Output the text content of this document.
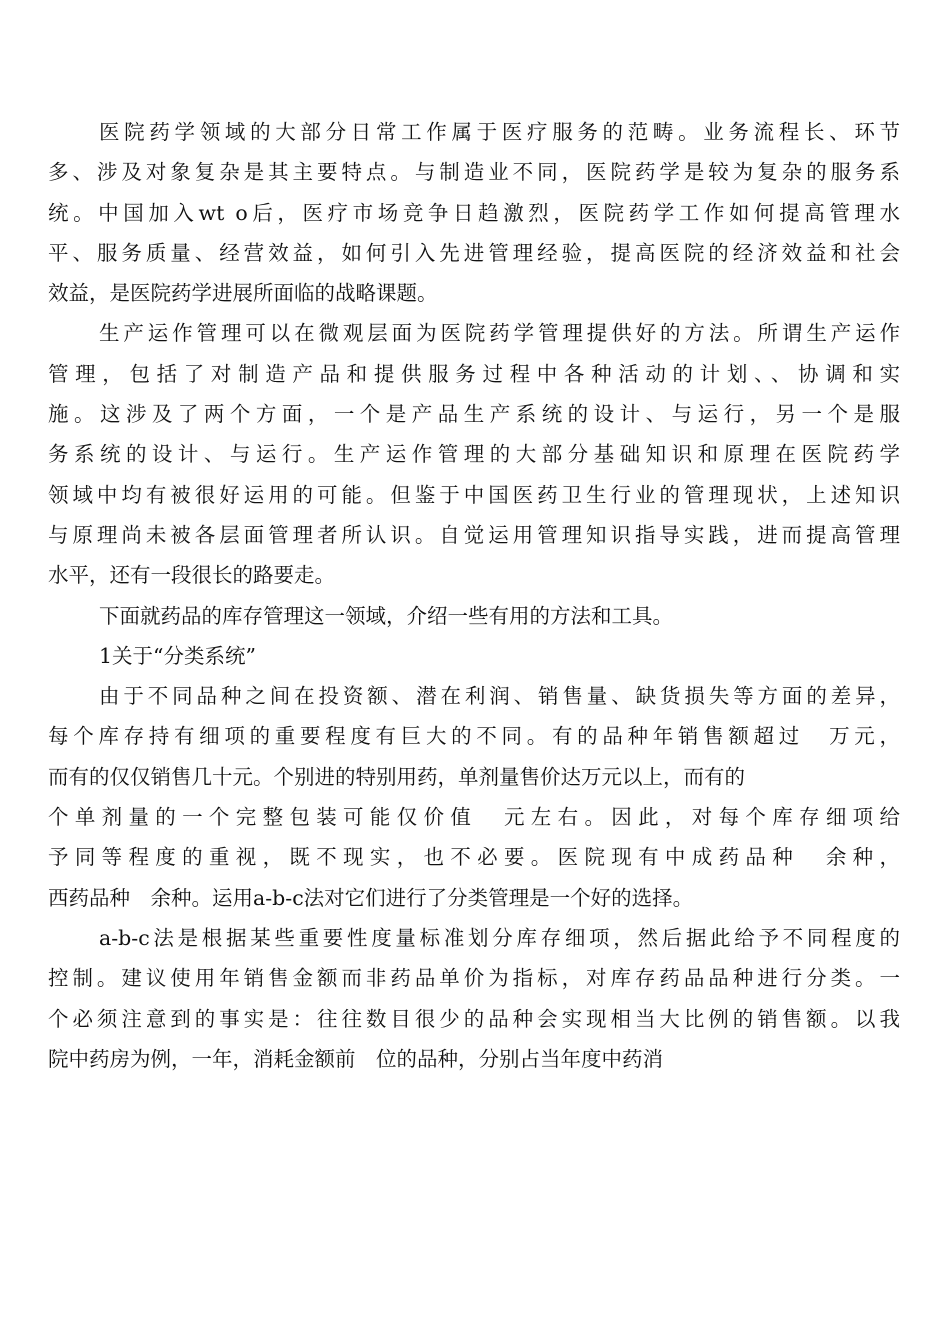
医院药学领域的大部分日常工作属于医疗服务的范畴。业务流程长、环节
多、涉及对象复杂是其主要特点。与制造业不同，医院药学是较为复杂的服务系
统。中国加入wt o后，医疗市场竞争日趋激烈，医院药学工作如何提高管理水
平、服务质量、经营效益，如何引入先进管理经验，提高医院的经济效益和社会
效益，是医院药学进展所面临的战略课题。
生产运作管理可以在微观层面为医院药学管理提供好的方法。所谓生产运作
管理，包括了对制造产品和提供服务过程中各种活动的计划、、协调和实
施。这涉及了两个方面，一个是产品生产系统的设计、与运行，另一个是服
务系统的设计、与运行。生产运作管理的大部分基础知识和原理在医院药学
领域中均有被很好运用的可能。但鉴于中国医药卫生行业的管理现状，上述知识
与原理尚未被各层面管理者所认识。自觉运用管理知识指导实践，进而提高管理
水平，还有一段很长的路要走。
下面就药品的库存管理这一领域，介绍一些有用的方法和工具。
1关于“分类系统”
由于不同品种之间在投资额、潜在利润、销售量、缺货损失等方面的差异，
每个库存持有细项的重要程度有巨大的不同。有的品种年销售额超过　万元，
而有的仅仅销售几十元。个别进的特别用药，单剂量售价达万元以上，而有的
个单剂量的一个完整包装可能仅价值　元左右。因此，对每个库存细项给
予同等程度的重视，既不现实，也不必要。医院现有中成药品种　余种，
西药品种　余种。运用a-b-c法对它们进行了分类管理是一个好的选择。
a-b-c法是根据某些重要性度量标准划分库存细项，然后据此给予不同程度的
控制。建议使用年销售金额而非药品单价为指标，对库存药品品种进行分类。一
个必须注意到的事实是：往往数目很少的品种会实现相当大比例的销售额。以我
院中药房为例，一年，消耗金额前　位的品种，分别占当年度中药消
